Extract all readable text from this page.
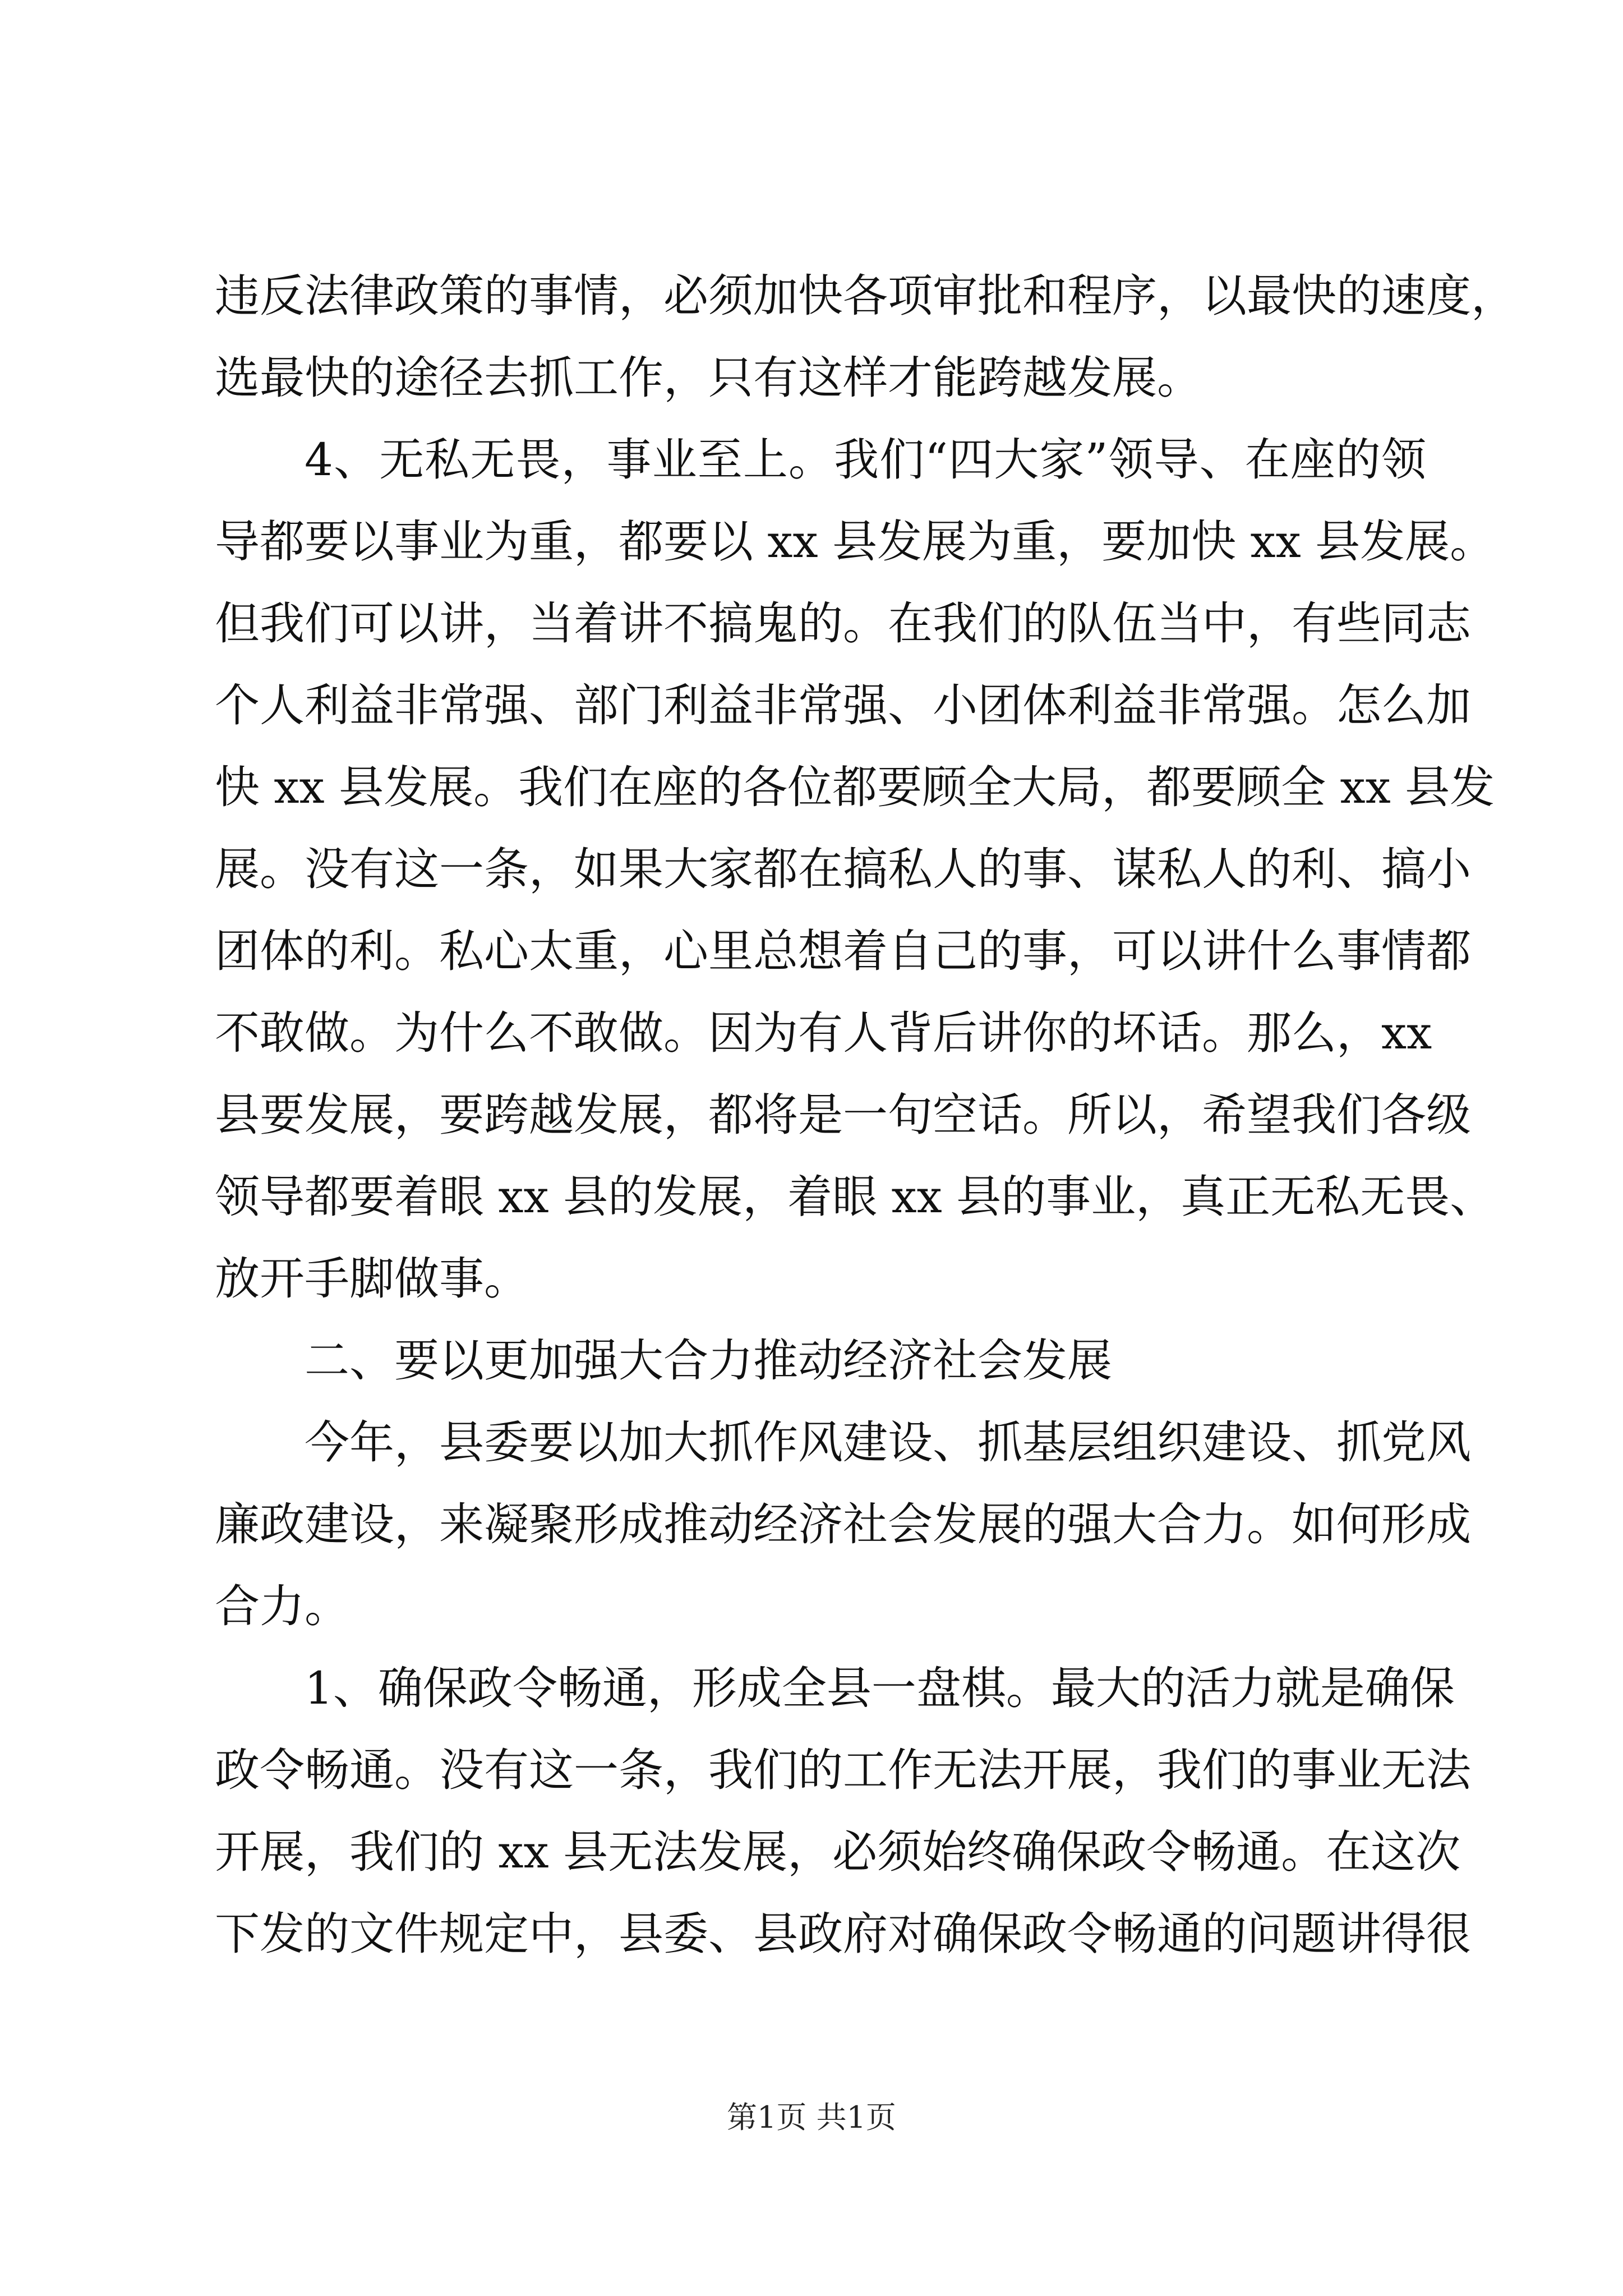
违反法律政策的事情，必须加快各项审批和程序，以最快的速度，
选最快的途径去抓工作，只有这样才能跨越发展。
4、无私无畏，事业至上。我们“四大家”领导、在座的领
导都要以事业为重，都要以 xx 县发展为重，要加快 xx 县发展。
但我们可以讲，当着讲不搞鬼的。在我们的队伍当中，有些同志
个人利益非常强、部门利益非常强、小团体利益非常强。怎么加
快 xx 县发展。我们在座的各位都要顾全大局，都要顾全 xx 县发
展。没有这一条，如果大家都在搞私人的事、谋私人的利、搞小
团体的利。私心太重，心里总想着自己的事，可以讲什么事情都
不敢做。为什么不敢做。因为有人背后讲你的坏话。那么，xx
县要发展，要跨越发展，都将是一句空话。所以，希望我们各级
领导都要着眼 xx 县的发展，着眼 xx 县的事业，真正无私无畏、
放开手脚做事。
二、要以更加强大合力推动经济社会发展
今年，县委要以加大抓作风建设、抓基层组织建设、抓党风
廉政建设，来凝聚形成推动经济社会发展的强大合力。如何形成
合力。
1、确保政令畅通，形成全县一盘棋。最大的活力就是确保
政令畅通。没有这一条，我们的工作无法开展，我们的事业无法
开展，我们的 xx 县无法发展，必须始终确保政令畅通。在这次
下发的文件规定中，县委、县政府对确保政令畅通的问题讲得很
第1页 共1页
